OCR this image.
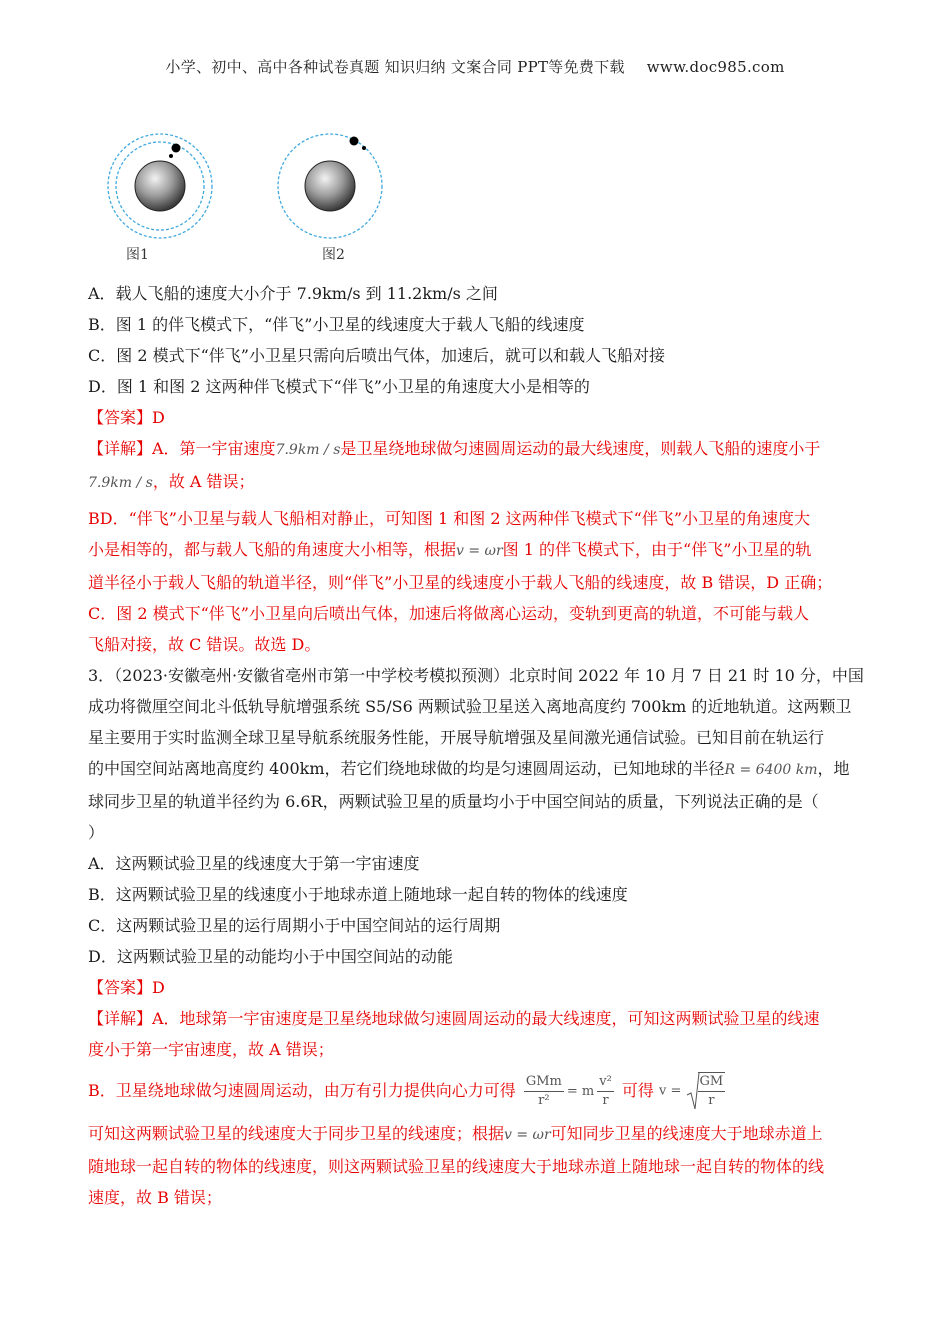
小学、初中、高中各种试卷真题 知识归纳 文案合同 PPT等免费下载 www.doc985.com
图1	图2
A．载人飞船的速度大小介于 7.9km/s 到 11.2km/s 之间
B．图 1 的伴飞模式下，“伴飞”小卫星的线速度大于载人飞船的线速度
C．图 2 模式下“伴飞”小卫星只需向后喷出气体，加速后，就可以和载人飞船对接
D．图 1 和图 2 这两种伴飞模式下“伴飞”小卫星的角速度大小是相等的
【答案】D
【详解】A．第一宇宙速度7.9km / s是卫星绕地球做匀速圆周运动的最大线速度，则载人飞船的速度小于
7.9km / s，故 A 错误；
BD．“伴飞”小卫星与载人飞船相对静止，可知图 1 和图 2 这两种伴飞模式下“伴飞”小卫星的角速度大
小是相等的，都与载人飞船的角速度大小相等，根据v = ωr图 1 的伴飞模式下，由于“伴飞”小卫星的轨
道半径小于载人飞船的轨道半径，则“伴飞”小卫星的线速度小于载人飞船的线速度，故 B 错误，D 正确；
C．图 2 模式下“伴飞”小卫星向后喷出气体，加速后将做离心运动，变轨到更高的轨道，不可能与载人
飞船对接，故 C 错误。故选 D。
3．（2023·安徽亳州·安徽省亳州市第一中学校考模拟预测）北京时间 2022 年 10 月 7 日 21 时 10 分，中国
成功将微厘空间北斗低轨导航增强系统 S5/S6 两颗试验卫星送入离地高度约 700km 的近地轨道。这两颗卫
星主要用于实时监测全球卫星导航系统服务性能，开展导航增强及星间激光通信试验。已知目前在轨运行
的中国空间站离地高度约 400km，若它们绕地球做的均是匀速圆周运动，已知地球的半径R = 6400 km，地
球同步卫星的轨道半径约为 6.6R，两颗试验卫星的质量均小于中国空间站的质量，下列说法正确的是（
）
A．这两颗试验卫星的线速度大于第一宇宙速度
B．这两颗试验卫星的线速度小于地球赤道上随地球一起自转的物体的线速度
C．这两颗试验卫星的运行周期小于中国空间站的运行周期
D．这两颗试验卫星的动能均小于中国空间站的动能
【答案】D
【详解】A．地球第一宇宙速度是卫星绕地球做匀速圆周运动的最大线速度，可知这两颗试验卫星的线速
度小于第一宇宙速度，故 A 错误；
B．卫星绕地球做匀速圆周运动，由万有引力提供向心力可得 $\frac{\text{GMm}}{\text{r²}} = m \frac{\text{v²}}{r}$ 可得 $v = \frac{GM}{r}$
可知这两颗试验卫星的线速度大于同步卫星的线速度；根据v = ωr可知同步卫星的线速度大于地球赤道上
随地球一起自转的物体的线速度，则这两颗试验卫星的线速度大于地球赤道上随地球一起自转的物体的线
速度，故 B 错误；
